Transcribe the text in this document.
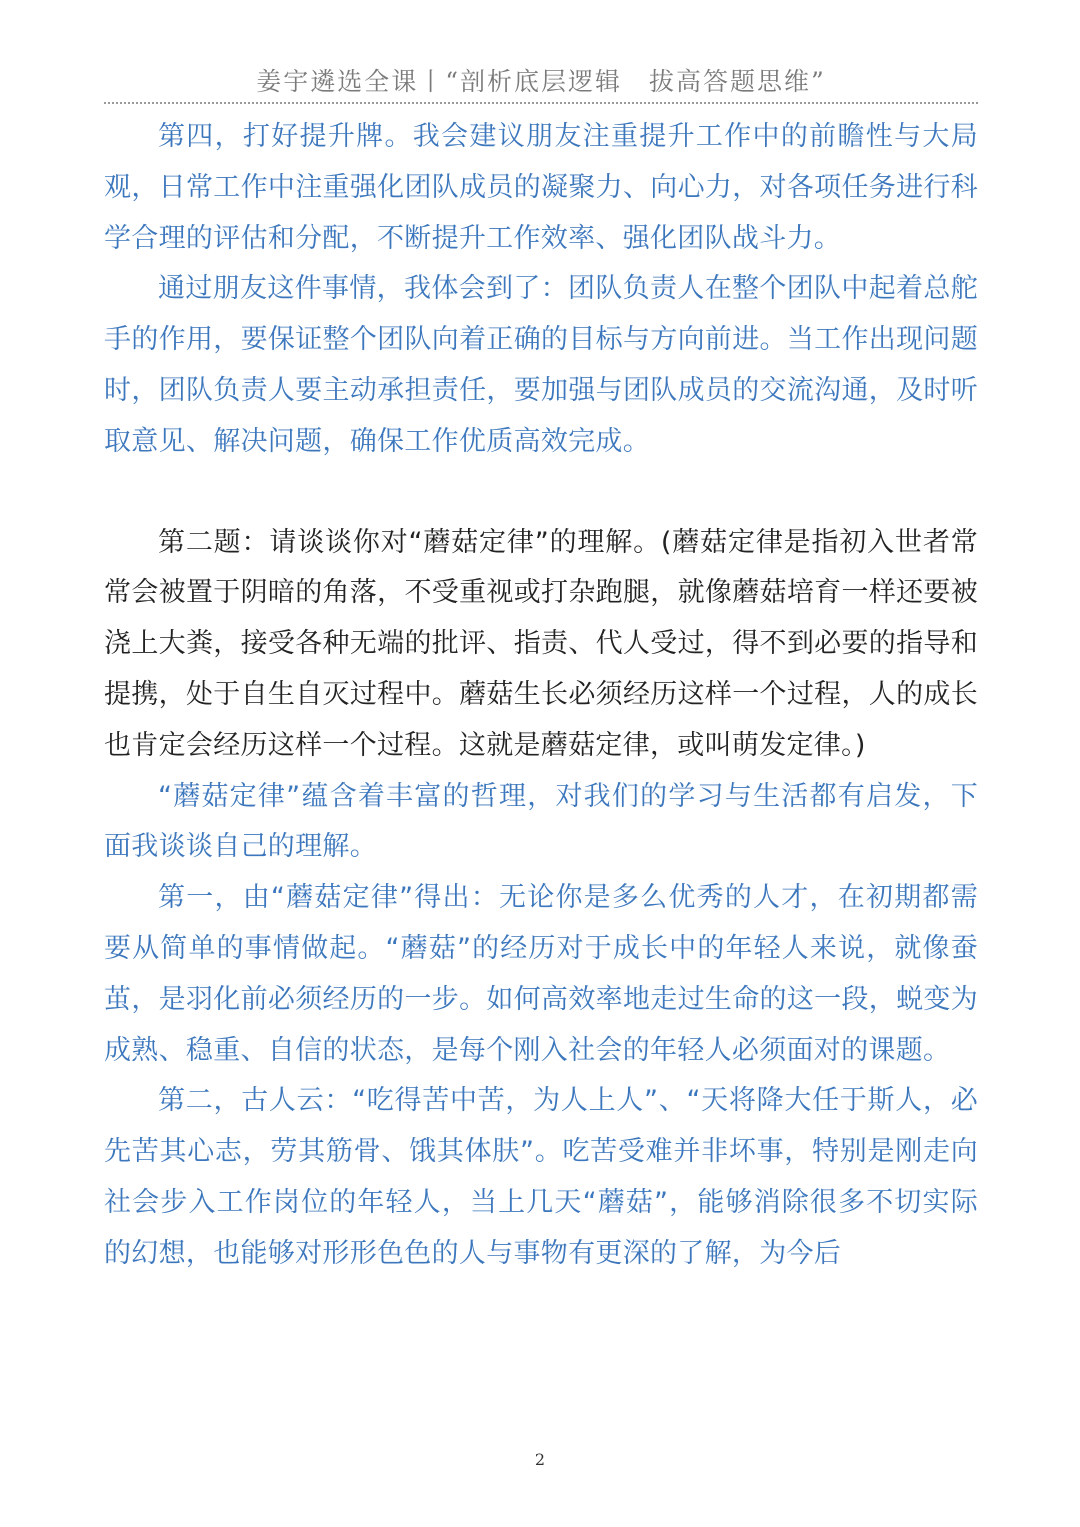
姜宇遴选全课丨“剖析底层逻辑　拔高答题思维”

第四，打好提升牌。我会建议朋友注重提升工作中的前瞻性与大局观，日常工作中注重强化团队成员的凝聚力、向心力，对各项任务进行科学合理的评估和分配，不断提升工作效率、强化团队战斗力。

通过朋友这件事情，我体会到了：团队负责人在整个团队中起着总舵手的作用，要保证整个团队向着正确的目标与方向前进。当工作出现问题时，团队负责人要主动承担责任，要加强与团队成员的交流沟通，及时听取意见、解决问题，确保工作优质高效完成。

第二题：请谈谈你对“蘑菇定律”的理解。(蘑菇定律是指初入世者常常会被置于阴暗的角落，不受重视或打杂跑腿，就像蘑菇培育一样还要被浇上大粪，接受各种无端的批评、指责、代人受过，得不到必要的指导和提携，处于自生自灭过程中。蘑菇生长必须经历这样一个过程，人的成长也肯定会经历这样一个过程。这就是蘑菇定律，或叫萌发定律。)

“蘑菇定律”蕴含着丰富的哲理，对我们的学习与生活都有启发，下面我谈谈自己的理解。

第一，由“蘑菇定律”得出：无论你是多么优秀的人才，在初期都需要从简单的事情做起。“蘑菇”的经历对于成长中的年轻人来说，就像蚕茧，是羽化前必须经历的一步。如何高效率地走过生命的这一段，蜕变为成熟、稳重、自信的状态，是每个刚入社会的年轻人必须面对的课题。

第二，古人云：“吃得苦中苦，为人上人”、“天将降大任于斯人，必先苦其心志，劳其筋骨、饿其体肤”。吃苦受难并非坏事，特别是刚走向社会步入工作岗位的年轻人，当上几天“蘑菇”，能够消除很多不切实际的幻想，也能够对形形色色的人与事物有更深的了解，为今后

2
